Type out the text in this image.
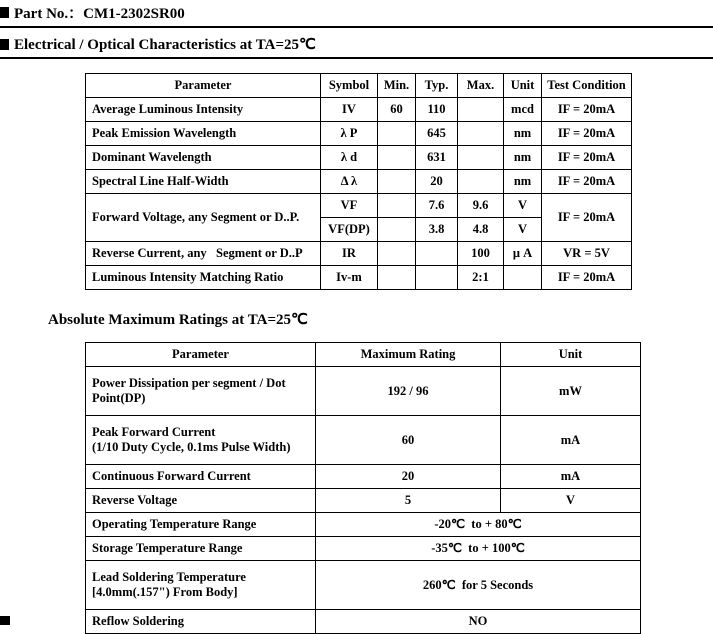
Part No.：CM1-2302SR00
Electrical / Optical Characteristics at TA=25℃
Parameter	Symbol	Min.	Typ.	Max.	Unit	Test Condition
Average Luminous Intensity	IV	60	110		mcd	IF = 20mA
Peak Emission Wavelength	λ P		645		nm	IF = 20mA
Dominant Wavelength	λ d		631		nm	IF = 20mA
Spectral Line Half-Width	Δ λ		20		nm	IF = 20mA
Forward Voltage, any Segment or D..P.	VF		7.6	9.6	V	IF = 20mA
	VF(DP)		3.8	4.8	V	
Reverse Current, any   Segment or D..P	IR			100	μ A	VR = 5V
Luminous Intensity Matching Ratio	Iv-m			2:1		IF = 20mA
Absolute Maximum Ratings at TA=25℃
Parameter	Maximum Rating	Unit

Power Dissipation per segment / Dot
Point(DP)	192 / 96	mW

Peak Forward Current
(1/10 Duty Cycle, 0.1ms Pulse Width)	60	mA
Continuous Forward Current	20	mA
Reverse Voltage	5	V
Operating Temperature Range	-20℃  to + 80℃	
Storage Temperature Range	-35℃  to + 100℃	

Lead Soldering Temperature
[4.0mm(.157") From Body]	260℃  for 5 Seconds	
Reflow Soldering	NO	
